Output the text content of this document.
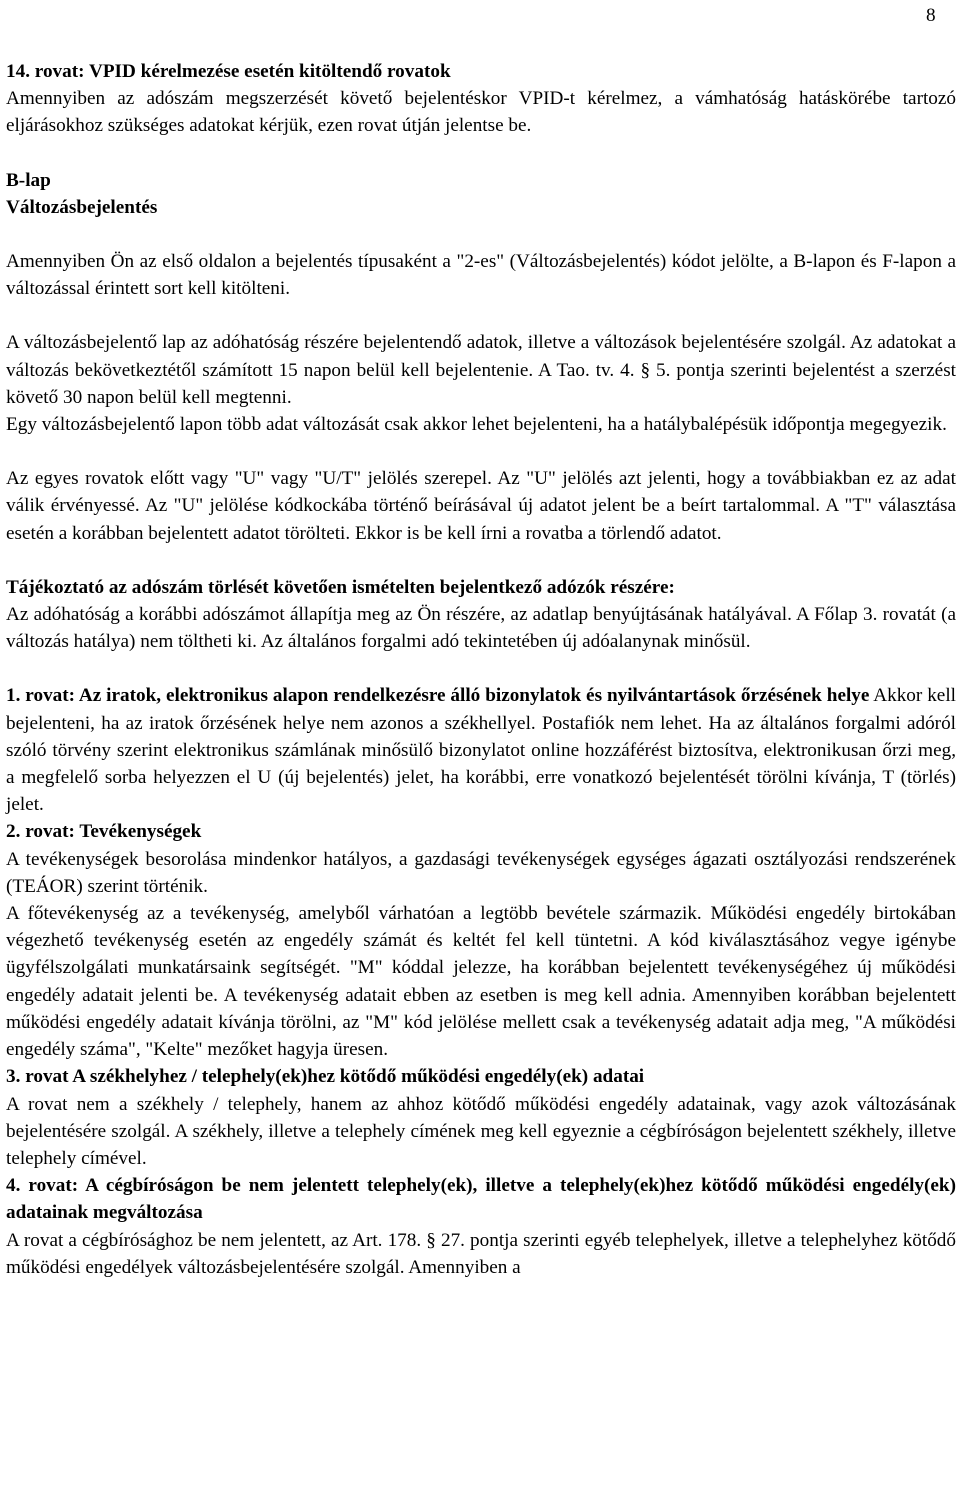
8

14. rovat: VPID kérelmezése esetén kitöltendő rovatok
Amennyiben az adószám megszerzését követő bejelentéskor VPID-t kérelmez, a vámhatóság hatáskörébe tartozó eljárásokhoz szükséges adatokat kérjük, ezen rovat útján jelentse be.

B-lap
Változásbejelentés

Amennyiben Ön az első oldalon a bejelentés típusaként a "2-es" (Változásbejelentés) kódot jelölte, a B-lapon és F-lapon a változással érintett sort kell kitölteni.

A változásbejelentő lap az adóhatóság részére bejelentendő adatok, illetve a változások bejelentésére szolgál. Az adatokat a változás bekövetkeztétől számított 15 napon belül kell bejelentenie. A Tao. tv. 4. § 5. pontja szerinti bejelentést a szerzést követő 30 napon belül kell megtenni.

Egy változásbejelentő lapon több adat változását csak akkor lehet bejelenteni, ha a hatálybalépésük időpontja megegyezik.

Az egyes rovatok előtt vagy "U" vagy "U/T" jelölés szerepel. Az "U" jelölés azt jelenti, hogy a továbbiakban ez az adat válik érvényessé. Az "U" jelölése kódkockába történő beírásával új adatot jelent be a beírt tartalommal. A "T" választása esetén a korábban bejelentett adatot törölteti. Ekkor is be kell írni a rovatba a törlendő adatot.

Tájékoztató az adószám törlését követően ismételten bejelentkező adózók részére:
Az adóhatóság a korábbi adószámot állapítja meg az Ön részére, az adatlap benyújtásának hatályával. A Főlap 3. rovatát (a változás hatálya) nem töltheti ki. Az általános forgalmi adó tekintetében új adóalanynak minősül.

1. rovat: Az iratok, elektronikus alapon rendelkezésre álló bizonylatok és nyilvántartások őrzésének helye Akkor kell bejelenteni, ha az iratok őrzésének helye nem azonos a székhellyel. Postafiók nem lehet. Ha az általános forgalmi adóról szóló törvény szerint elektronikus számlának minősülő bizonylatot online hozzáférést biztosítva, elektronikusan őrzi meg, a megfelelő sorba helyezzen el U (új bejelentés) jelet, ha korábbi, erre vonatkozó bejelentését törölni kívánja, T (törlés) jelet.

2. rovat: Tevékenységek
A tevékenységek besorolása mindenkor hatályos, a gazdasági tevékenységek egységes ágazati osztályozási rendszerének (TEÁOR) szerint történik.

A főtevékenység az a tevékenység, amelyből várhatóan a legtöbb bevétele származik. Működési engedély birtokában végezhető tevékenység esetén az engedély számát és keltét fel kell tüntetni. A kód kiválasztásához vegye igénybe ügyfélszolgálati munkatársaink segítségét. "M" kóddal jelezze, ha korábban bejelentett tevékenységéhez új működési engedély adatait jelenti be. A tevékenység adatait ebben az esetben is meg kell adnia. Amennyiben korábban bejelentett működési engedély adatait kívánja törölni, az "M" kód jelölése mellett csak a tevékenység adatait adja meg, "A működési engedély száma", "Kelte" mezőket hagyja üresen.

3. rovat A székhelyhez / telephely(ek)hez kötődő működési engedély(ek) adatai
A rovat nem a székhely / telephely, hanem az ahhoz kötődő működési engedély adatainak, vagy azok változásának bejelentésére szolgál. A székhely, illetve a telephely címének meg kell egyeznie a cégbíróságon bejelentett székhely, illetve telephely címével.

4. rovat: A cégbíróságon be nem jelentett telephely(ek), illetve a telephely(ek)hez kötődő működési engedély(ek) adatainak megváltozása
A rovat a cégbírósághoz be nem jelentett, az Art. 178. § 27. pontja szerinti egyéb telephelyek, illetve a telephelyhez kötődő működési engedélyek változásbejelentésére szolgál. Amennyiben a
